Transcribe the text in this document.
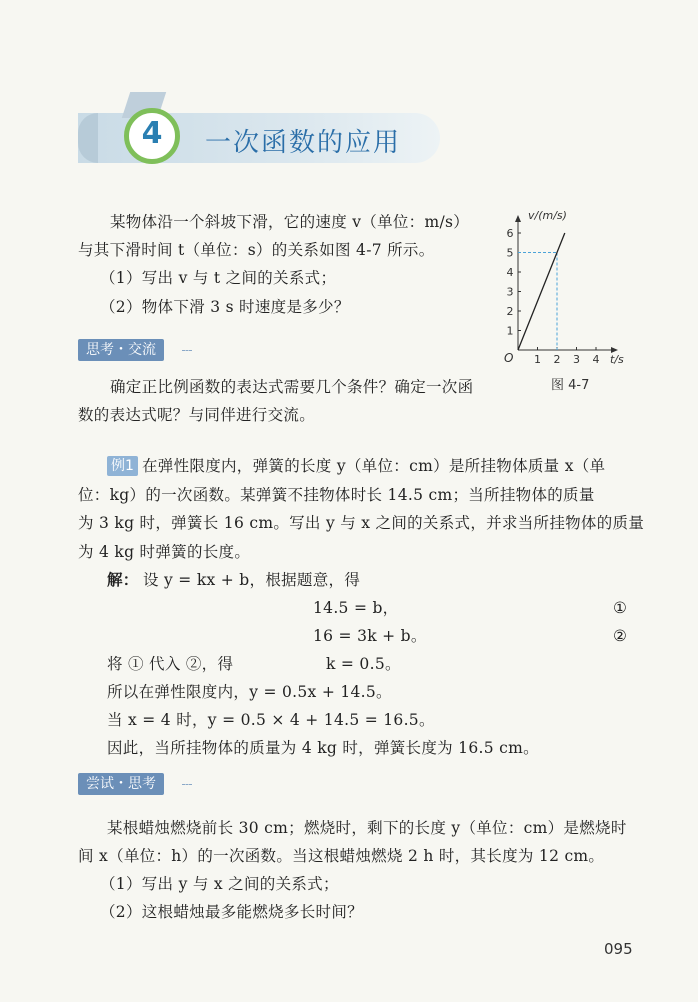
4	一次函数的应用
某物体沿一个斜坡下滑，它的速度 v（单位：m/s）
与其下滑时间 t（单位：s）的关系如图 4-7 所示。
（1）写出 v 与 t 之间的关系式；
（2）物体下滑 3 s 时速度是多少？
1 2 3 4
1
2
3
4
5
6
v/(m/s)
t/s
O
图 4-7
思考・交流
确定正比例函数的表达式需要几个条件？确定一次函
数的表达式呢？与同伴进行交流。
例1 在弹性限度内，弹簧的长度 y（单位：cm）是所挂物体质量 x（单
位：kg）的一次函数。某弹簧不挂物体时长 14.5 cm；当所挂物体的质量
为 3 kg 时，弹簧长 16 cm。写出 y 与 x 之间的关系式，并求当所挂物体的质量
为 4 kg 时弹簧的长度。
解： 设 y = kx + b，根据题意，得
14.5 = b，	①
16 = 3k + b。	②
将 ① 代入 ②，得	k = 0.5。
所以在弹性限度内，y = 0.5x + 14.5。
当 x = 4 时，y = 0.5 × 4 + 14.5 = 16.5。
因此，当所挂物体的质量为 4 kg 时，弹簧长度为 16.5 cm。
尝试・思考
某根蜡烛燃烧前长 30 cm；燃烧时，剩下的长度 y（单位：cm）是燃烧时
间 x（单位：h）的一次函数。当这根蜡烛燃烧 2 h 时，其长度为 12 cm。
（1）写出 y 与 x 之间的关系式；
（2）这根蜡烛最多能燃烧多长时间？
095
